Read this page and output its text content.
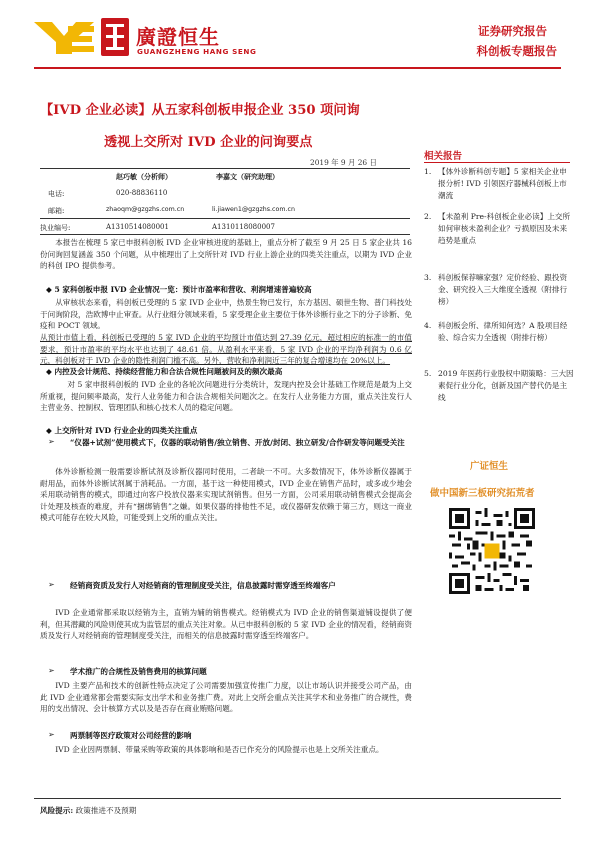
廣證恒生
GUANGZHENG HANG SENG
证券研究报告
科创板专题报告
【IVD 企业必读】从五家科创板申报企业 350 项问询
透视上交所对 IVD 企业的问询要点
2019 年 9 月 26 日
赵巧敏（分析师）	李嘉文（研究助理）
电话:	020-88836110
邮箱:	zhaoqm@gzgzhs.com.cn	li.jiawen1@gzgzhs.com.cn
执业编号:	A1310514080001	A1310118080007
本报告在梳理 5 家已申报科创板 IVD 企业审核进度的基础上，重点分析了截至 9 月 25 日 5 家企业共 16 份问询回复涵盖 350 个问题，从中梳理出了上交所针对 IVD 行业上游企业的四类关注重点，以期为 IVD 企业的科创 IPO 提供参考。
◆ 5 家科创板申报 IVD 企业情况一览：预计市盈率和营收、利润增速普遍较高
从审核状态来看，科创板已受理的 5 家 IVD 企业中，热景生物已发行，东方基因、硕世生物、普门科技处于问询阶段，浩欧博中止审查。从行业细分领域来看，5 家受理企业主要位于体外诊断行业之下的分子诊断、免疫和 POCT 领域。
从预计市值上看，科创板已受理的 5 家 IVD 企业的平均预计市值达到 27.39 亿元，超过相应的标准一的市值要求，预计市盈率的平均水平也达到了 48.61 倍。从盈利水平来看，5 家 IVD 企业的平均净利润为 0.6 亿元，科创板对于 IVD 企业的隐性利润门槛不高。另外，营收和净利润近三年的复合增速均在 20%以上。
◆ 内控及会计规范、持续经营能力和合法合规性问题被问及的频次最高
对 5 家申报科创板的 IVD 企业的各轮次问题进行分类统计，发现内控及会计基础工作规范是最为上交所重视，提问频率最高，发行人业务能力和合法合规相关问题次之。在发行人业务能力方面，重点关注发行人主营业务、控制权、管理团队和核心技术人员的稳定问题。
◆ 上交所针对 IVD 行业企业的四类关注重点
➢ “仪器+试剂”使用模式下，仪器的联动销售/独立销售、开放/封闭、独立研发/合作研发等问题受关注
体外诊断检测一般需要诊断试剂及诊断仪器同时使用，二者缺一不可。大多数情况下，体外诊断仪器属于耐用品，而体外诊断试剂属于消耗品。一方面，基于这一种使用模式，IVD 企业在销售产品时，或多或少地会采用联动销售的模式，即通过向客户投放仪器来实现试剂销售。但另一方面，公司采用联动销售模式会提高会计处理及核查的难度，并有“捆绑销售”之嫌。如果仪器的排他性不足，或仪器研发依赖于第三方，则这一商业模式可能存在较大风险，可能受到上交所的重点关注。
➢ 经销商资质及发行人对经销商的管理制度受关注，信息披露时需穿透至终端客户
IVD 企业通常都采取以经销为主，直销为辅的销售模式。经销模式为 IVD 企业的销售渠道铺设提供了便利，但其潜藏的风险则使其成为监管层的重点关注对象。从已申报科创板的 5 家 IVD 企业的情况看，经销商资质及发行人对经销商的管理制度受关注，而相关的信息披露时需穿透至终端客户。
➢ 学术推广的合规性及销售费用的核算问题
IVD 主要产品和技术的创新性特点决定了公司需要加强宣传推广力度，以让市场认识并接受公司产品，由此 IVD 企业通常都会需要实际支出学术和业务推广费。对此上交所会重点关注其学术和业务推广的合规性，费用的支出情况、会计核算方式以及是否存在商业贿赂问题。
➢ 两票制等医疗政策对公司经营的影响
IVD 企业因两票制、带量采购等政策的具体影响和是否已作充分的风险提示也是上交所关注重点。
相关报告
1. 【体外诊断科创专题】5 家相关企业申报分析! IVD 引领医疗器械科创板上市潮流
2. 【未盈利 Pre-科创板企业必读】上交所如何审核未盈利企业？亏损原因及未来趋势是重点
3. 科创板保荐嘛家强？定价经验、跟投资金、研究投入三大维度全透视（附排行榜）
4. 科创板会所、律所知何选？A 股项目经验、综合实力全透视（附排行榜）
5. 2019 年医药行业股权中期策略：三大因素促行业分化，创新及国产替代仍是主线
广证恒生
做中国新三板研究拓荒者
风险提示: 政策推进不及预期
